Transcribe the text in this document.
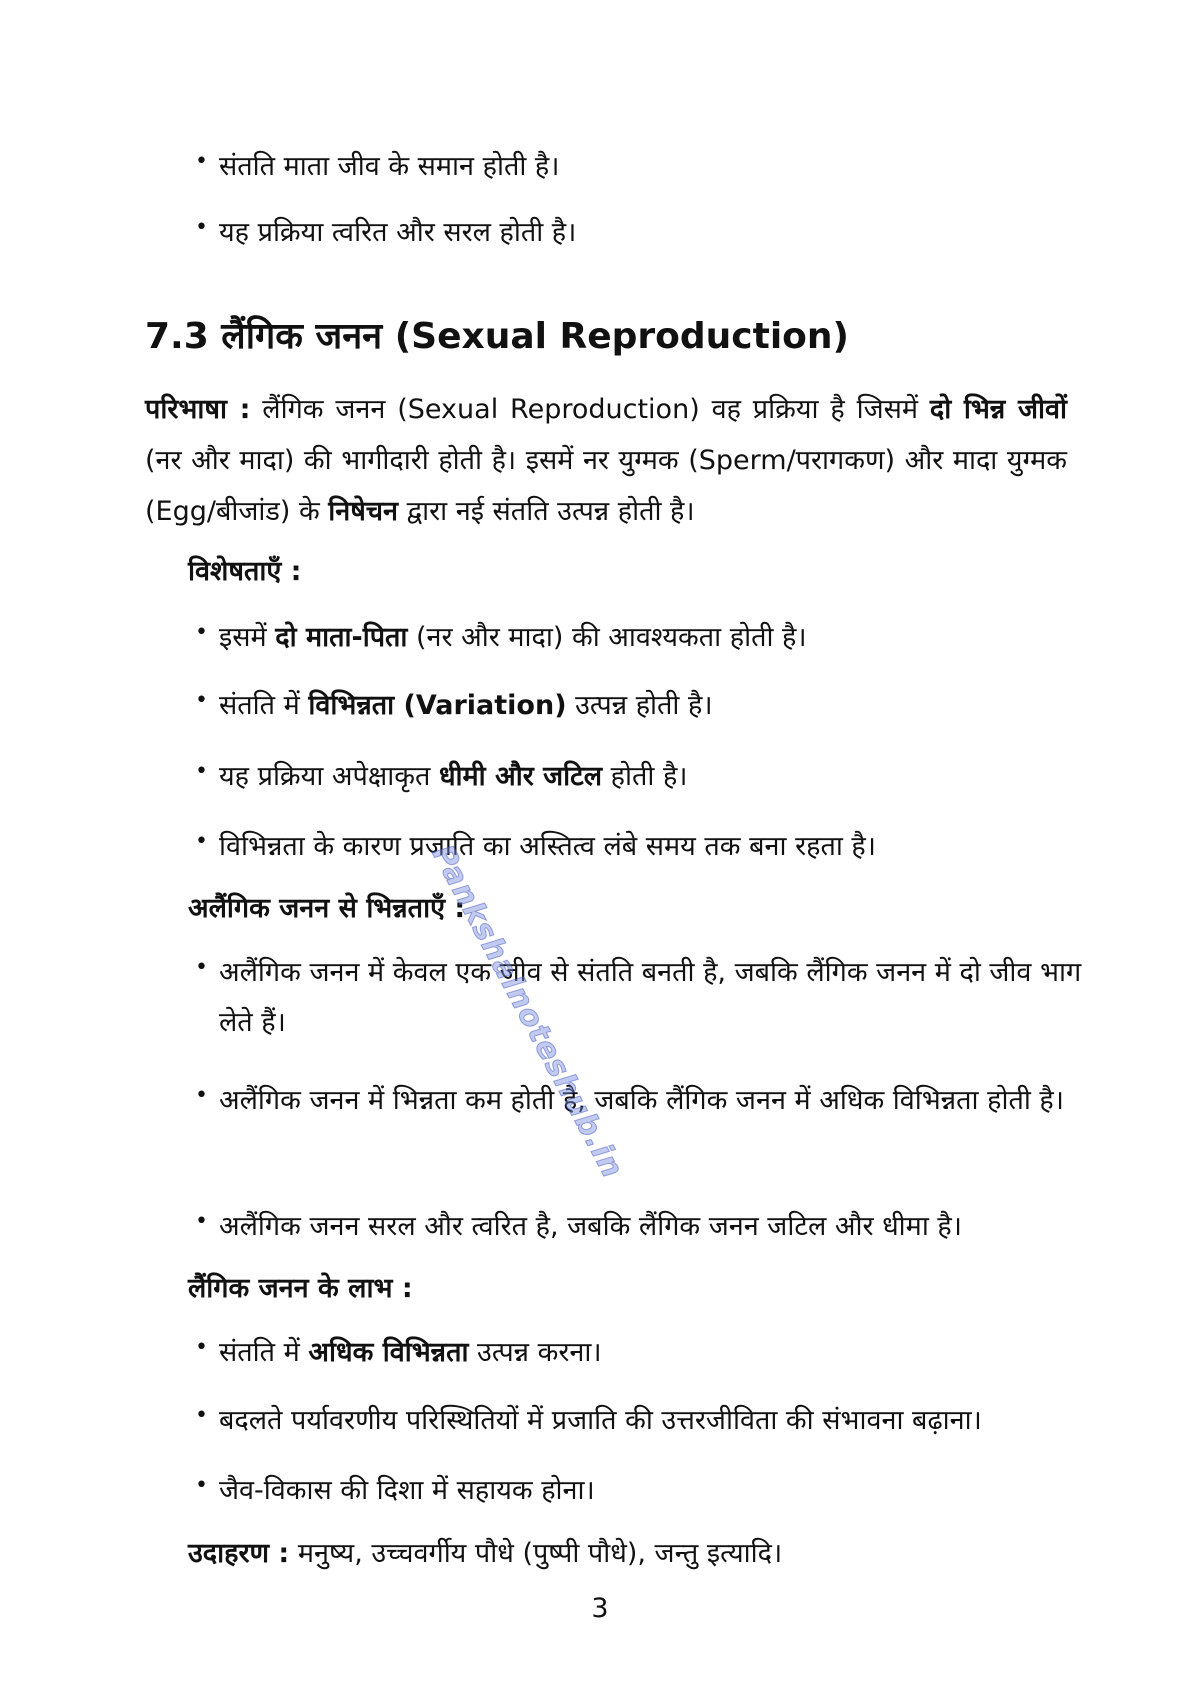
• संतति माता जीव के समान होती है।
• यह प्रक्रिया त्वरित और सरल होती है।
7.3 लैंगिक जनन (Sexual Reproduction)

परिभाषा : लैंगिक जनन (Sexual Reproduction) वह प्रक्रिया है जिसमें दो भिन्न जीवों (नर और मादा) की भागीदारी होती है। इसमें नर युग्मक (Sperm/परागकण) और मादा युग्मक (Egg/बीजांड) के निषेचन द्वारा नई संतति उत्पन्न होती है।

विशेषताएँ :
• इसमें दो माता-पिता (नर और मादा) की आवश्यकता होती है।
• संतति में विभिन्नता (Variation) उत्पन्न होती है।
• यह प्रक्रिया अपेक्षाकृत धीमी और जटिल होती है।
• विभिन्नता के कारण प्रजाति का अस्तित्व लंबे समय तक बना रहता है।
अलैंगिक जनन से भिन्नताएँ :
• अलैंगिक जनन में केवल एक जीव से संतति बनती है, जबकि लैंगिक जनन में दो जीव भाग लेते हैं।
• अलैंगिक जनन में भिन्नता कम होती है, जबकि लैंगिक जनन में अधिक विभिन्नता होती है।
• अलैंगिक जनन सरल और त्वरित है, जबकि लैंगिक जनन जटिल और धीमा है।
लैंगिक जनन के लाभ :
• संतति में अधिक विभिन्नता उत्पन्न करना।
• बदलते पर्यावरणीय परिस्थितियों में प्रजाति की उत्तरजीविता की संभावना बढ़ाना।
• जैव-विकास की दिशा में सहायक होना।
उदाहरण : मनुष्य, उच्चवर्गीय पौधे (पुष्पी पौधे), जन्तु इत्यादि।
3
Pankshalnoteshub.in
